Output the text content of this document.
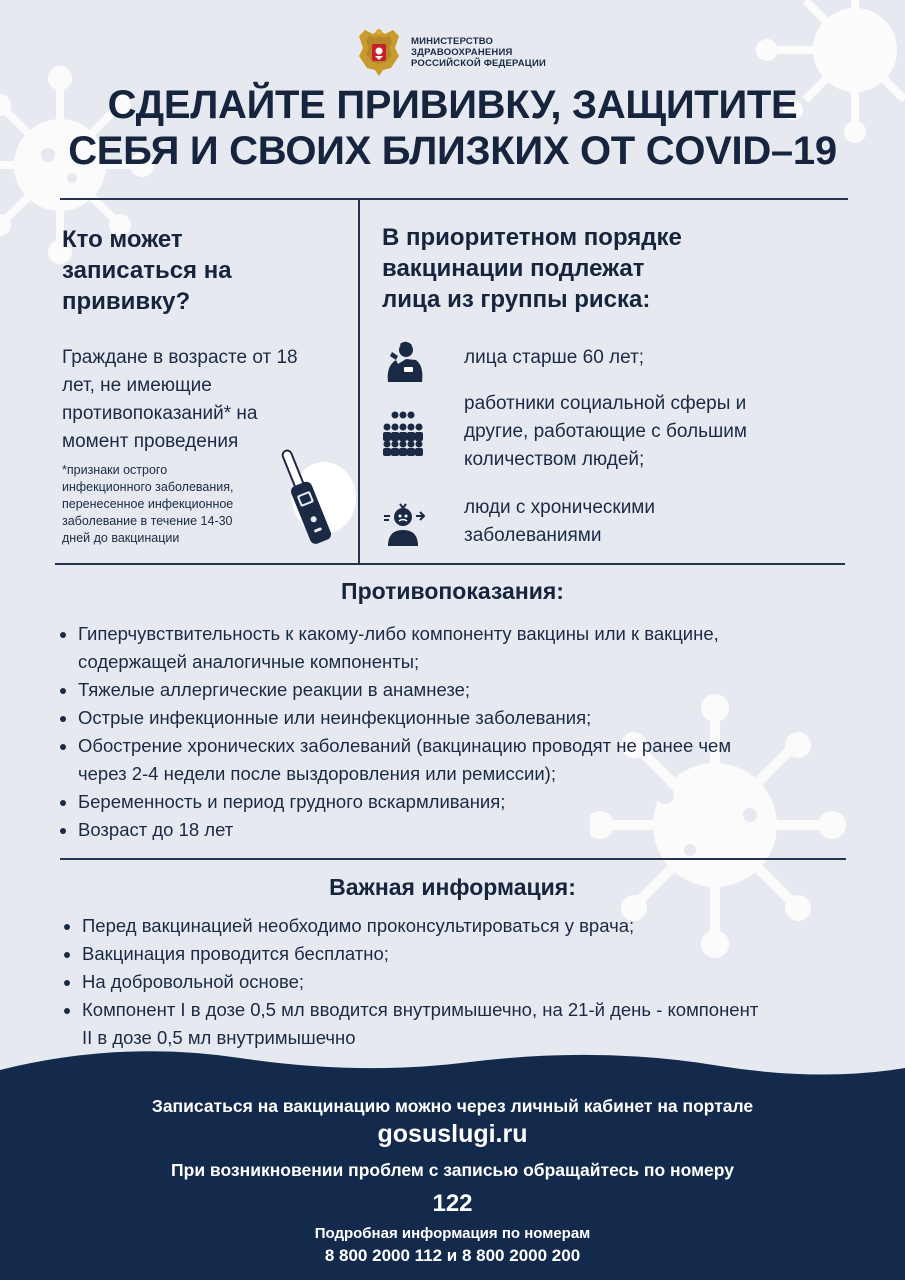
МИНИСТЕРСТВО
ЗДРАВООХРАНЕНИЯ
РОССИЙСКОЙ ФЕДЕРАЦИИ
СДЕЛАЙТЕ ПРИВИВКУ, ЗАЩИТИТЕ
СЕБЯ И СВОИХ БЛИЗКИХ ОТ COVID–19
Кто может
записаться на
прививку?
Граждане в возрасте от 18
лет, не имеющие
противопоказаний* на
момент проведения
*признаки острого
инфекционного заболевания,
перенесенное инфекционное
заболевание в течение 14-30
дней до вакцинации
В приоритетном порядке
вакцинации подлежат
лица из группы риска:
лица старше 60 лет;
работники социальной сферы и
другие, работающие с большим
количеством людей;
люди с хроническими
заболеваниями
Противопоказания:
Гиперчувствительность к какому-либо компоненту вакцины или к вакцине,
содержащей аналогичные компоненты;
Тяжелые аллергические реакции в анамнезе;
Острые инфекционные или неинфекционные заболевания;
Обострение хронических заболеваний (вакцинацию проводят не ранее чем
через 2-4 недели после выздоровления или ремиссии);
Беременность и период грудного вскармливания;
Возраст до 18 лет
Важная информация:
Перед вакцинацией необходимо проконсультироваться у врача;
Вакцинация проводится бесплатно;
На добровольной основе;
Компонент I в дозе 0,5 мл вводится внутримышечно, на 21-й день - компонент
II в дозе 0,5 мл внутримышечно
Записаться на вакцинацию можно через личный кабинет на портале
gosuslugi.ru
При возникновении проблем с записью обращайтесь по номеру
122
Подробная информация по номерам
8 800 2000 112 и 8 800 2000 200
